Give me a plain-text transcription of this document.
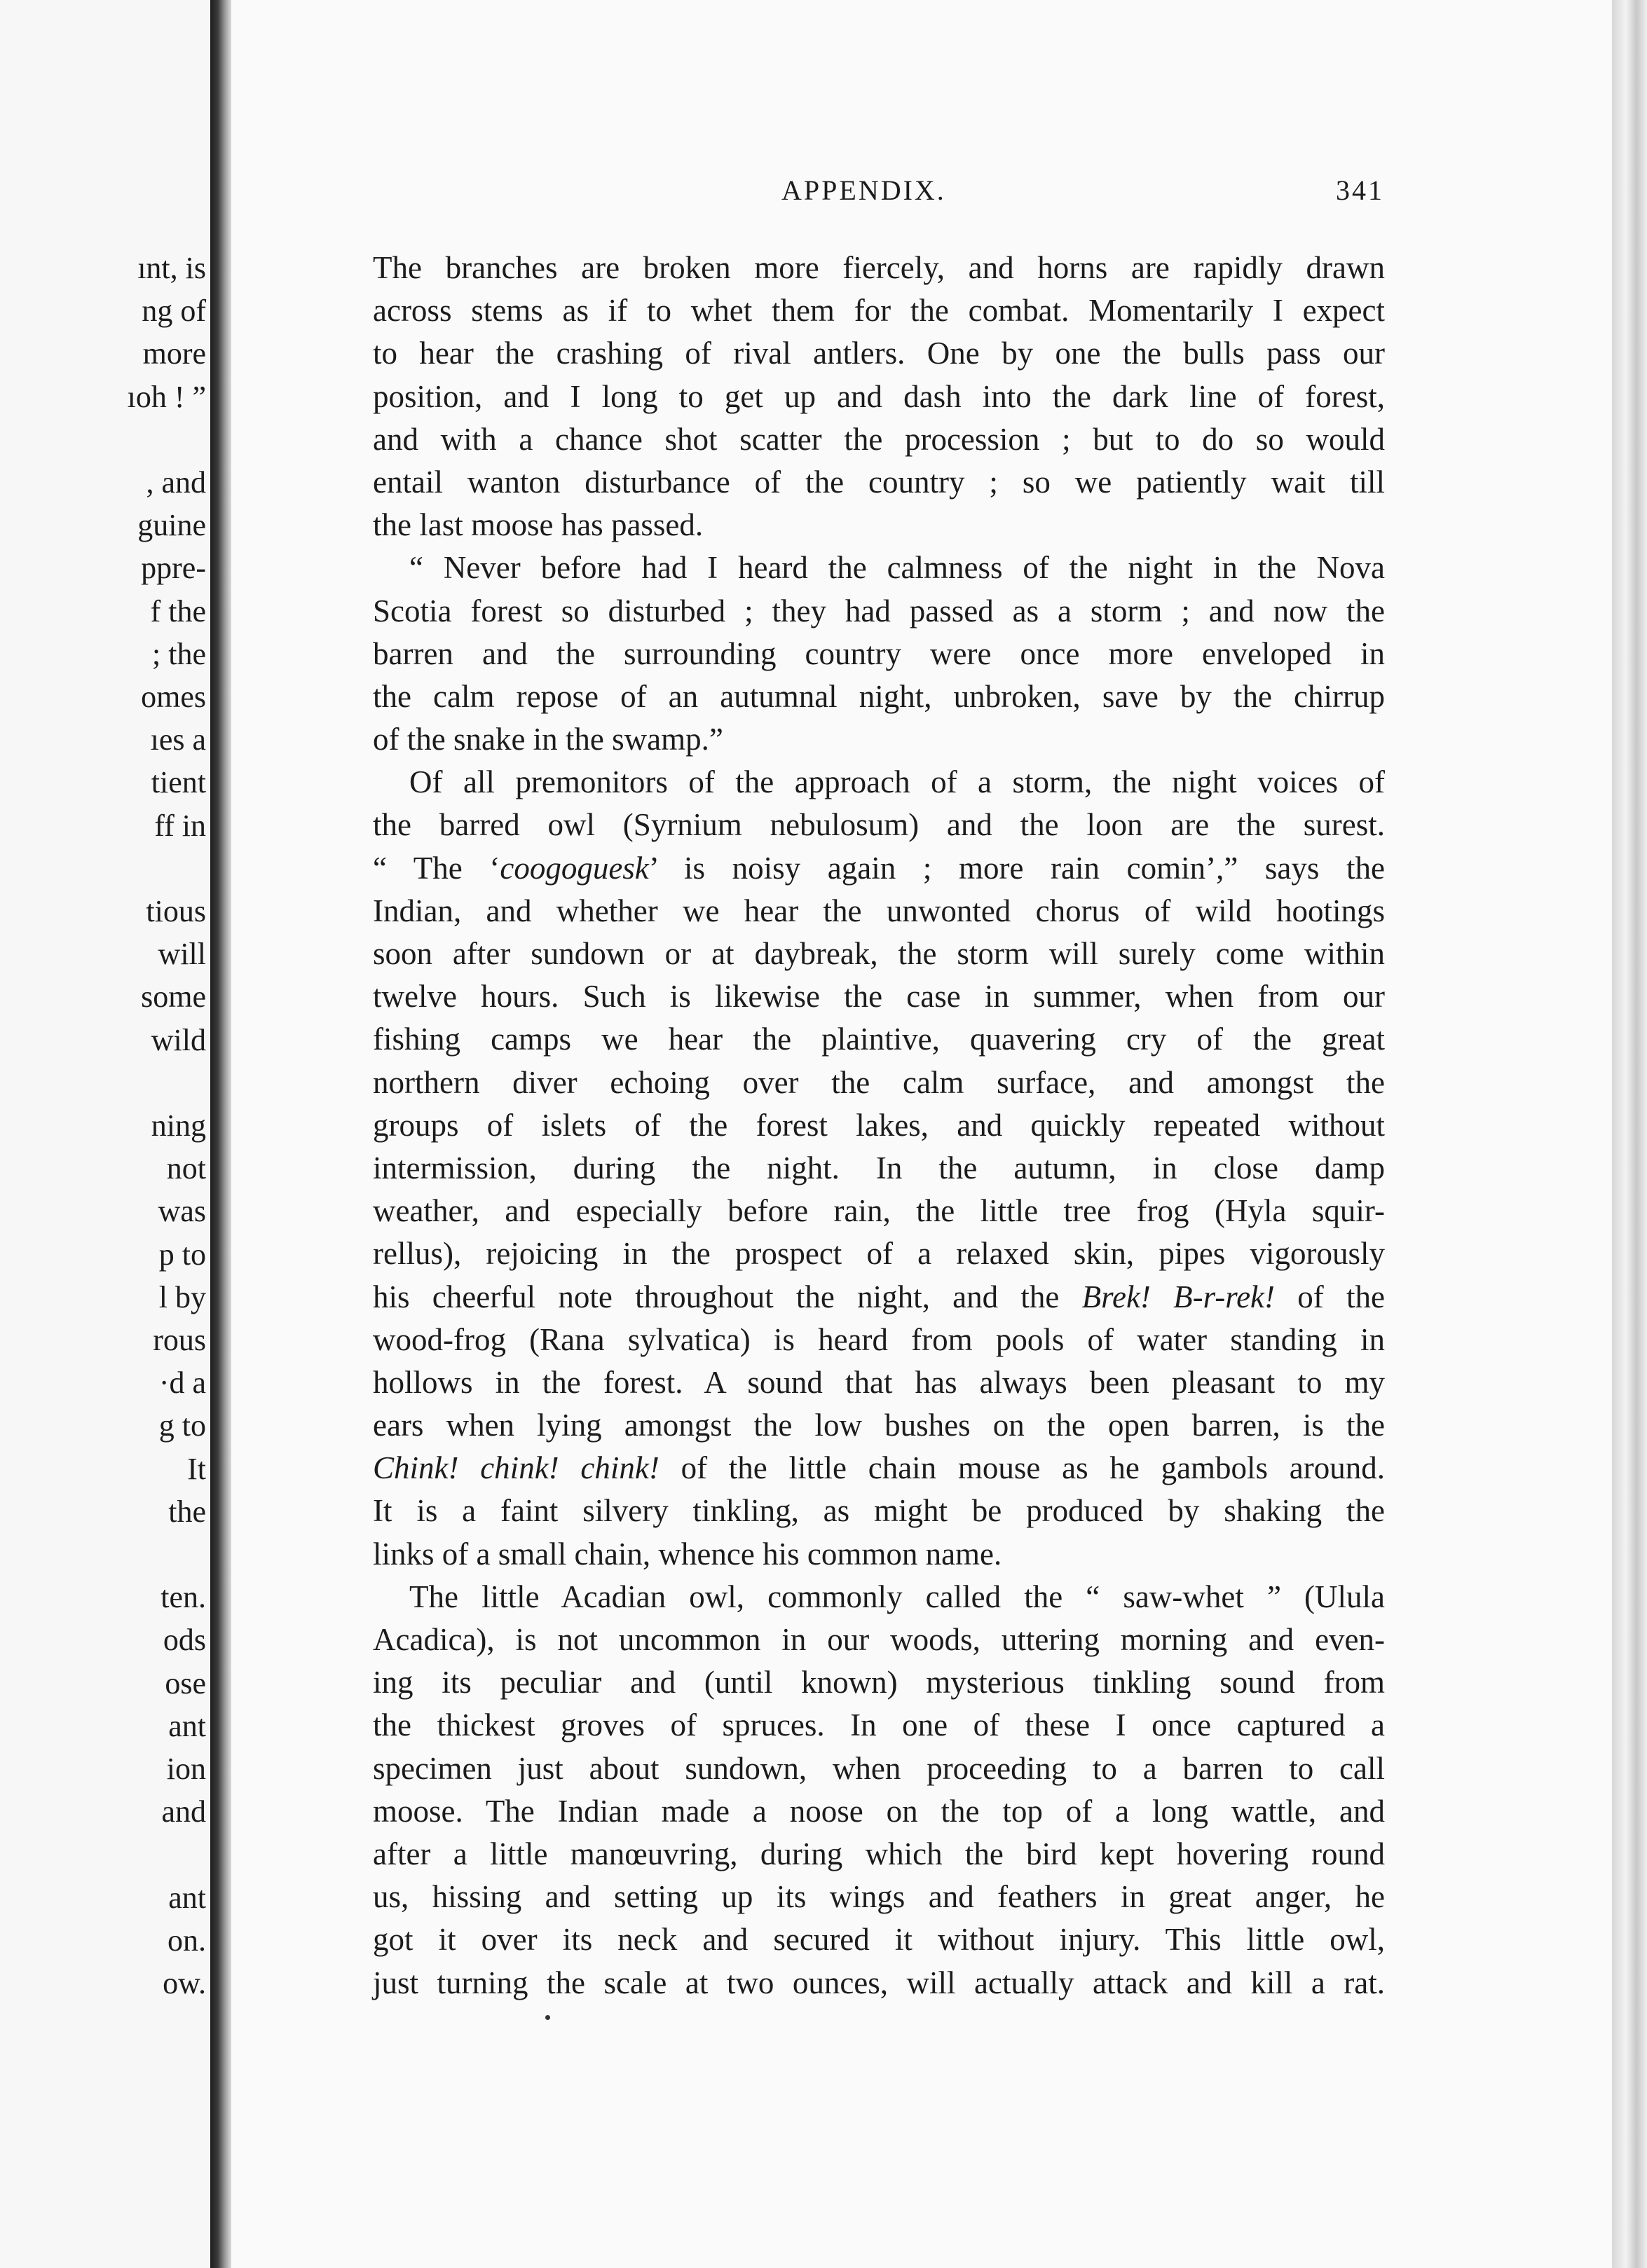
ınt, is
ng of
more
ıoh ! ”
, and
guine
ppre-
f the
; the
omes
ıes a
tient
ff in
tious
will
some
wild
ning
not
was
p to
l by
rous
·d a
g to
It
the
ten.
ods
ose
ant
ion
and
ant
on.
ow.
APPENDIX.	341
The branches are broken more fiercely, and horns are rapidly drawn
across stems as if to whet them for the combat. Momentarily I expect
to hear the crashing of rival antlers. One by one the bulls pass our
position, and I long to get up and dash into the dark line of forest,
and with a chance shot scatter the procession ; but to do so would
entail wanton disturbance of the country ; so we patiently wait till
the last moose has passed.
“ Never before had I heard the calmness of the night in the Nova
Scotia forest so disturbed ; they had passed as a storm ; and now the
barren and the surrounding country were once more enveloped in
the calm repose of an autumnal night, unbroken, save by the chirrup
of the snake in the swamp.”
Of all premonitors of the approach of a storm, the night voices of
the barred owl (Syrnium nebulosum) and the loon are the surest.
“ The ‘coogoguesk’ is noisy again ; more rain comin’,” says the
Indian, and whether we hear the unwonted chorus of wild hootings
soon after sundown or at daybreak, the storm will surely come within
twelve hours. Such is likewise the case in summer, when from our
fishing camps we hear the plaintive, quavering cry of the great
northern diver echoing over the calm surface, and amongst the
groups of islets of the forest lakes, and quickly repeated without
intermission, during the night. In the autumn, in close damp
weather, and especially before rain, the little tree frog (Hyla squir-
rellus), rejoicing in the prospect of a relaxed skin, pipes vigorously
his cheerful note throughout the night, and the Brek! B-r-rek! of the
wood-frog (Rana sylvatica) is heard from pools of water standing in
hollows in the forest. A sound that has always been pleasant to my
ears when lying amongst the low bushes on the open barren, is the
Chink! chink! chink! of the little chain mouse as he gambols around.
It is a faint silvery tinkling, as might be produced by shaking the
links of a small chain, whence his common name.
The little Acadian owl, commonly called the “ saw-whet ” (Ulula
Acadica), is not uncommon in our woods, uttering morning and even-
ing its peculiar and (until known) mysterious tinkling sound from
the thickest groves of spruces. In one of these I once captured a
specimen just about sundown, when proceeding to a barren to call
moose. The Indian made a noose on the top of a long wattle, and
after a little manœuvring, during which the bird kept hovering round
us, hissing and setting up its wings and feathers in great anger, he
got it over its neck and secured it without injury. This little owl,
just turning the scale at two ounces, will actually attack and kill a rat.
